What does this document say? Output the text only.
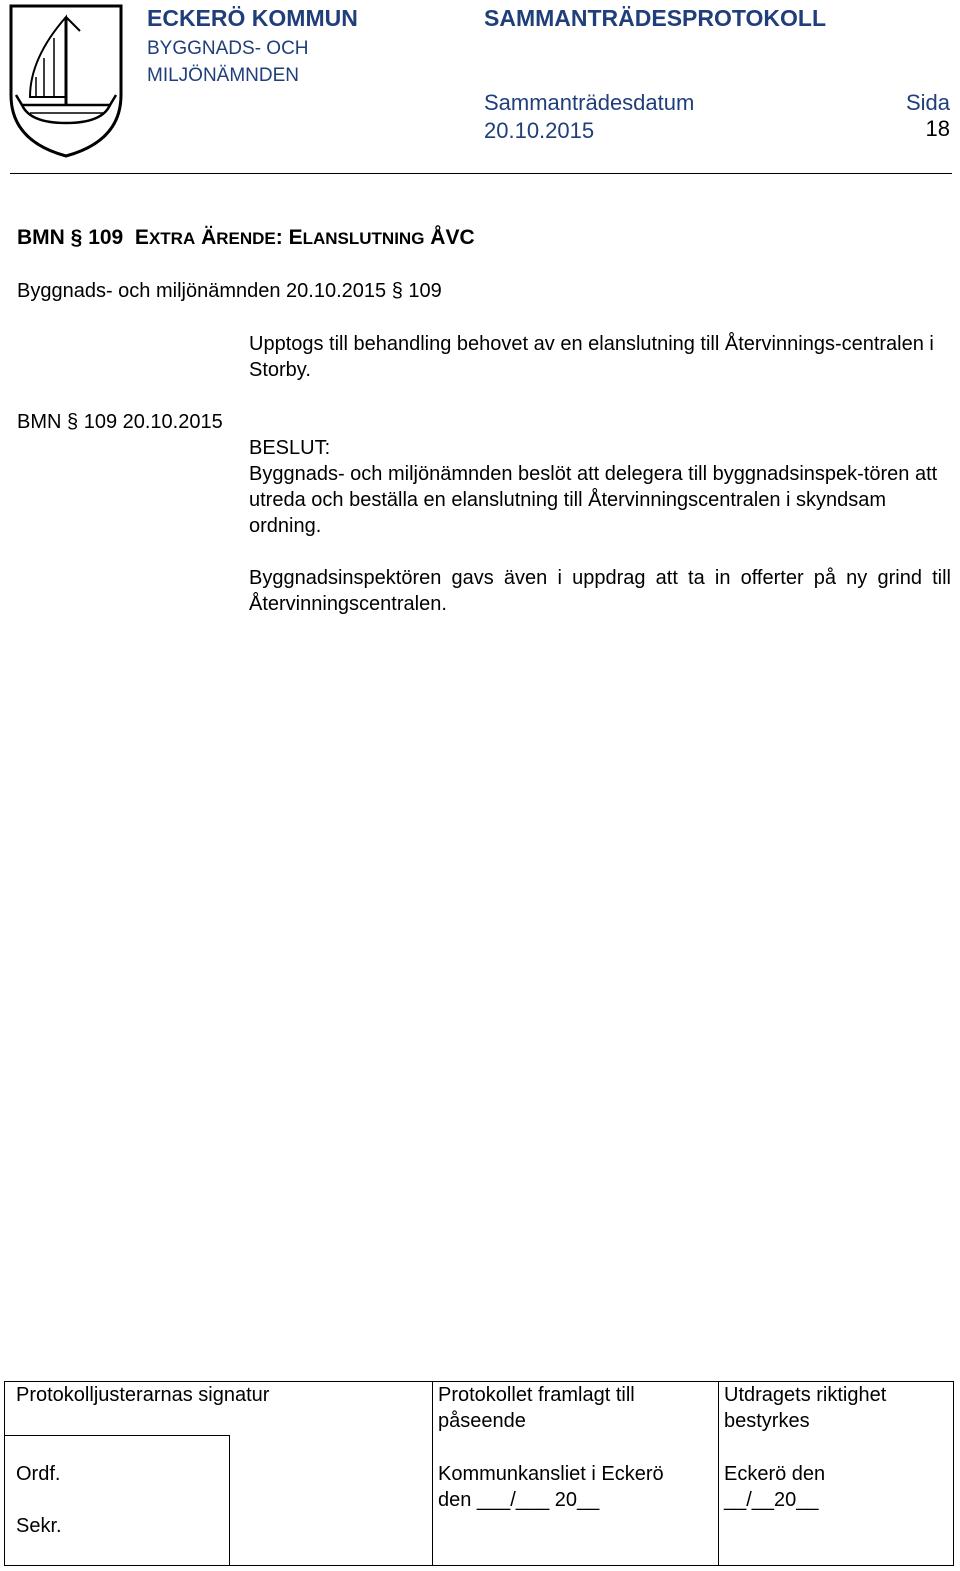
ECKERÖ KOMMUN
BYGGNADS- OCH
MILJÖNÄMNDEN
SAMMANTRÄDESPROTOKOLL
Sammanträdesdatum
20.10.2015
Sida
18
BMN § 109 EXTRA ÄRENDE: ELANSLUTNING ÅVC
Byggnads- och miljönämnden 20.10.2015 § 109
Upptogs till behandling behovet av en elanslutning till Återvinnings-centralen i Storby.
BMN § 109 20.10.2015
BESLUT:
Byggnads- och miljönämnden beslöt att delegera till byggnadsinspek-tören att utreda och beställa en elanslutning till Återvinningscentralen i skyndsam ordning.
Byggnadsinspektören gavs även i uppdrag att ta in offerter på ny grind till Återvinningscentralen.
Protokolljusterarnas signatur	Protokollet framlagt till påseende
Utdragets riktighet bestyrkes
Ordf.
Sekr.
Kommunkansliet i Eckerö
den ___/___ 20__
Eckerö den
__/__20__
